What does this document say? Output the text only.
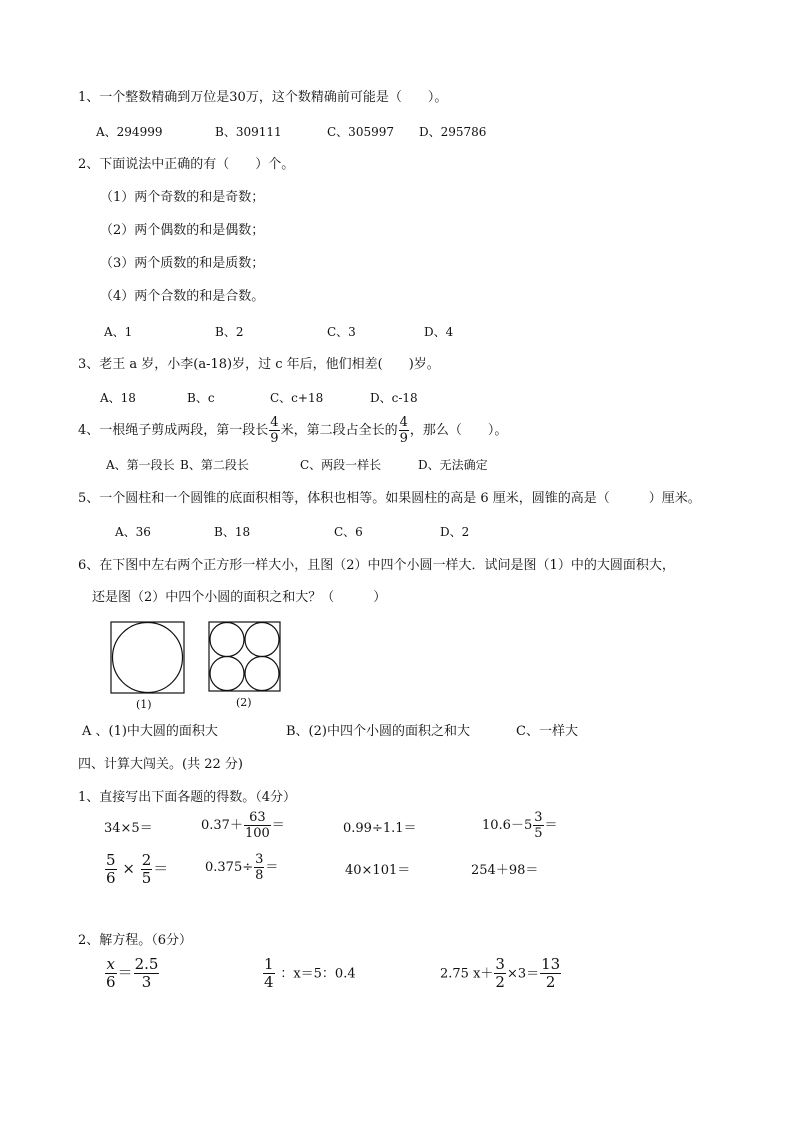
1、一个整数精确到万位是30万，这个数精确前可能是（　　）。
A、294999	B、309111	C、305997 D、295786
2、下面说法中正确的有（　　）个。
（1）两个奇数的和是奇数；
（2）两个偶数的和是偶数；
（3）两个质数的和是质数；
（4）两个合数的和是合数。
A、1	B、2	C、3	D、4
3、老王 a 岁，小李(a-18)岁，过 c 年后，他们相差(　　)岁。
A、18	B、c	C、c+18	D、c-18
4、一根绳子剪成两段，第一段长 $\frac{4}{9}$ 米，第二段占全长的 $\frac{4}{9}$ ，那么（　　）。
A、第一段长 B、第二段长	C、两段一样长	D、无法确定
5、一个圆柱和一个圆锥的底面积相等，体积也相等。如果圆柱的高是 6 厘米，圆锥的高是（　　　）厘米。
A、36	B、18	C、6	D、2
6、在下图中左右两个正方形一样大小，且图（2）中四个小圆一样大．试问是图（1）中的大圆面积大，
还是图（2）中四个小圆的面积之和大？（　　　）
(1)	(2)
A 、(1)中大圆的面积大	B、(2)中四个小圆的面积之和大	C、一样大
四、计算大闯关。(共 22 分)
1、直接写出下面各题的得数。（4分）
34×5＝	$0.37+ \frac{63}{100}$ ＝	0.99÷1.1＝	$10.6-5 \frac{3}{5}$ ＝
$\frac{5}{6} \times \frac{2}{5}$ ＝	$0.375\div \frac{3}{8}$ ＝	40×101＝	254＋98＝
2、解方程。（6分）
$\frac{x}{6} = \frac{2.5}{3}$	$\frac{1}{4}$ ：x＝5：0.4	2.75 $x+ \frac{3}{2} \times 3= \frac{13}{2}$
